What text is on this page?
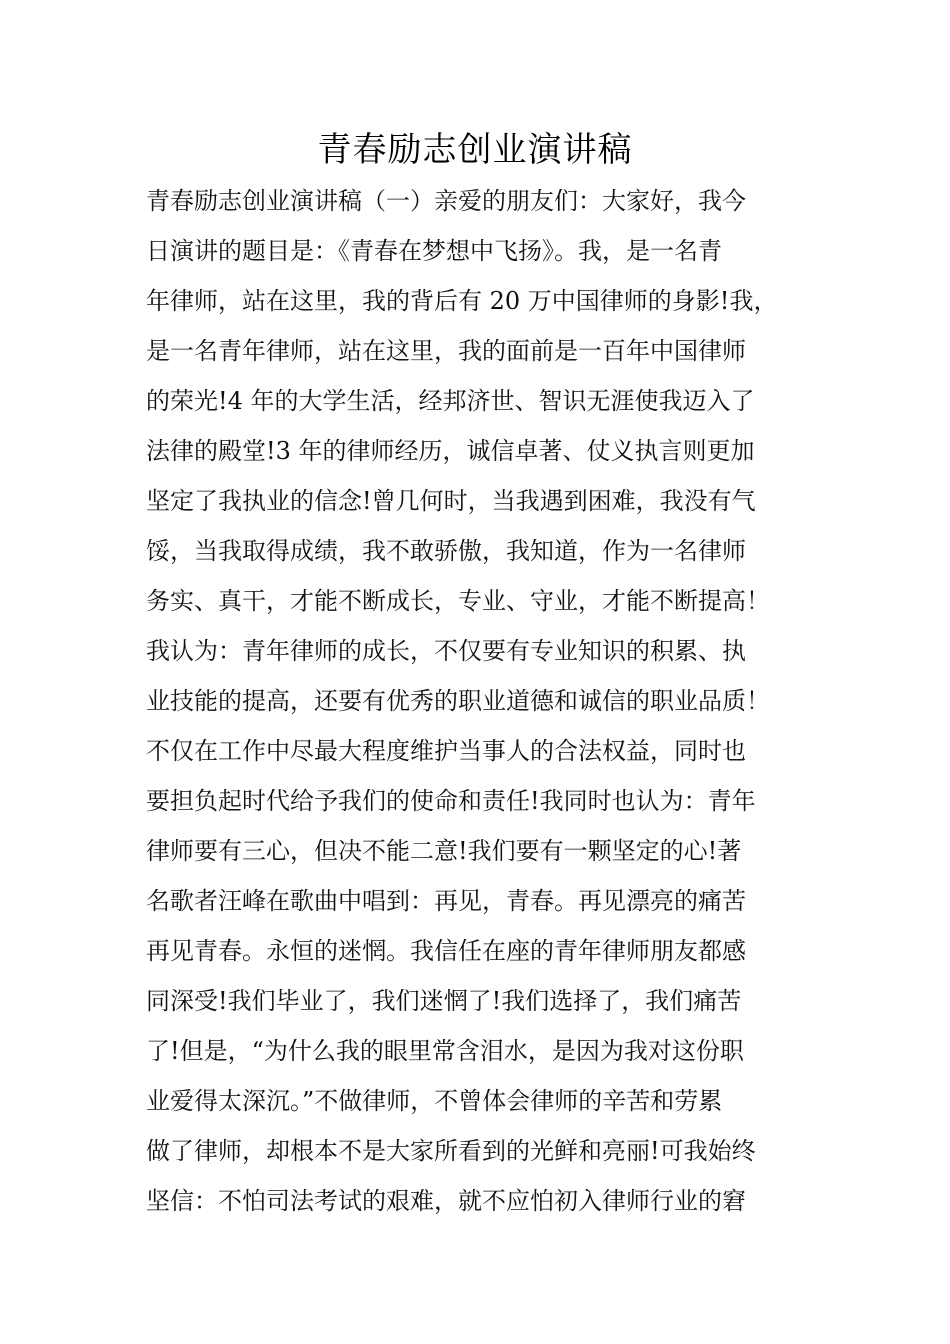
青春励志创业演讲稿
青春励志创业演讲稿（一）亲爱的朋友们：大家好，我今
日演讲的题目是：《青春在梦想中飞扬》。我，是一名青
年律师，站在这里，我的背后有 20 万中国律师的身影!我，
是一名青年律师，站在这里，我的面前是一百年中国律师
的荣光!4 年的大学生活，经邦济世、智识无涯使我迈入了
法律的殿堂!3 年的律师经历，诚信卓著、仗义执言则更加
坚定了我执业的信念!曾几何时，当我遇到困难，我没有气
馁，当我取得成绩，我不敢骄傲，我知道，作为一名律师
务实、真干，才能不断成长，专业、守业，才能不断提高！
我认为：青年律师的成长，不仅要有专业知识的积累、执
业技能的提高，还要有优秀的职业道德和诚信的职业品质！
不仅在工作中尽最大程度维护当事人的合法权益，同时也
要担负起时代给予我们的使命和责任!我同时也认为：青年
律师要有三心，但决不能二意!我们要有一颗坚定的心!著
名歌者汪峰在歌曲中唱到：再见，青春。再见漂亮的痛苦
再见青春。永恒的迷惘。我信任在座的青年律师朋友都感
同深受!我们毕业了，我们迷惘了!我们选择了，我们痛苦
了!但是，“为什么我的眼里常含泪水，是因为我对这份职
业爱得太深沉。”不做律师，不曾体会律师的辛苦和劳累
做了律师，却根本不是大家所看到的光鲜和亮丽!可我始终
坚信：不怕司法考试的艰难，就不应怕初入律师行业的窘
